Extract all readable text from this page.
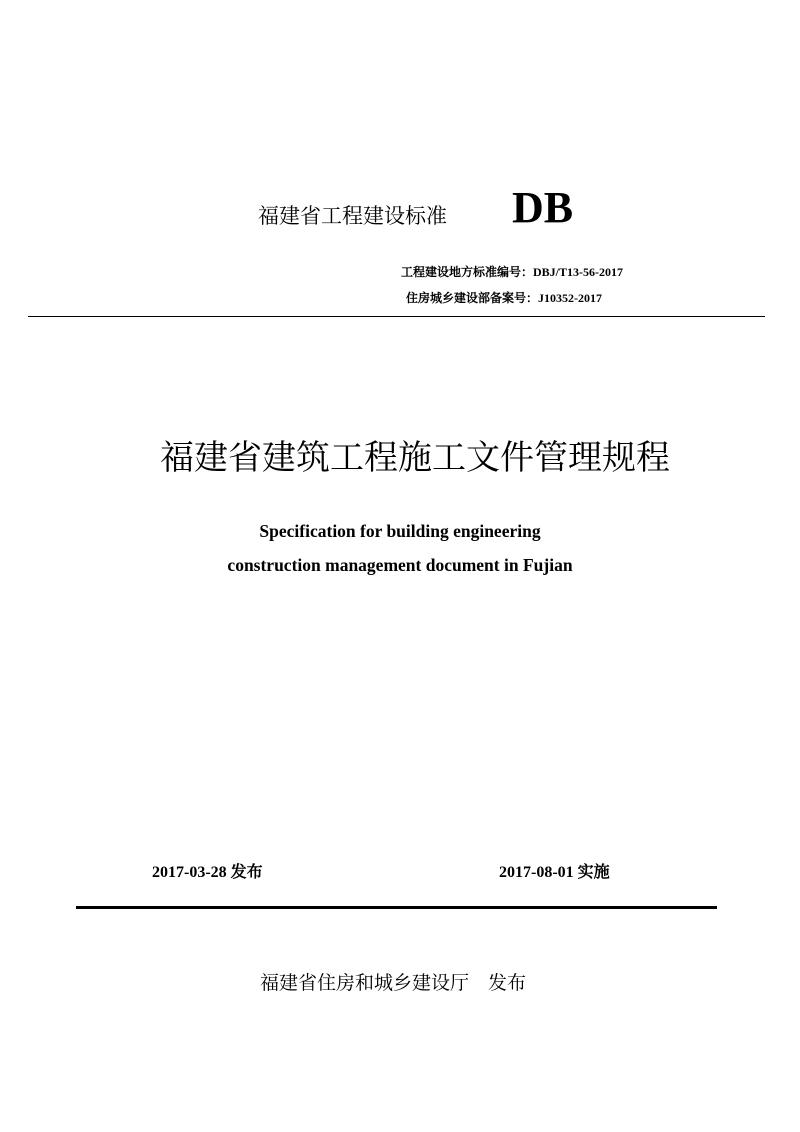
福建省工程建设标准 DB
工程建设地方标准编号：DBJ/T13-56-2017
住房城乡建设部备案号：J10352-2017
福建省建筑工程施工文件管理规程
Specification for building engineering
construction management document in Fujian
2017-03-28 发布	2017-08-01 实施
福建省住房和城乡建设厅　发布
